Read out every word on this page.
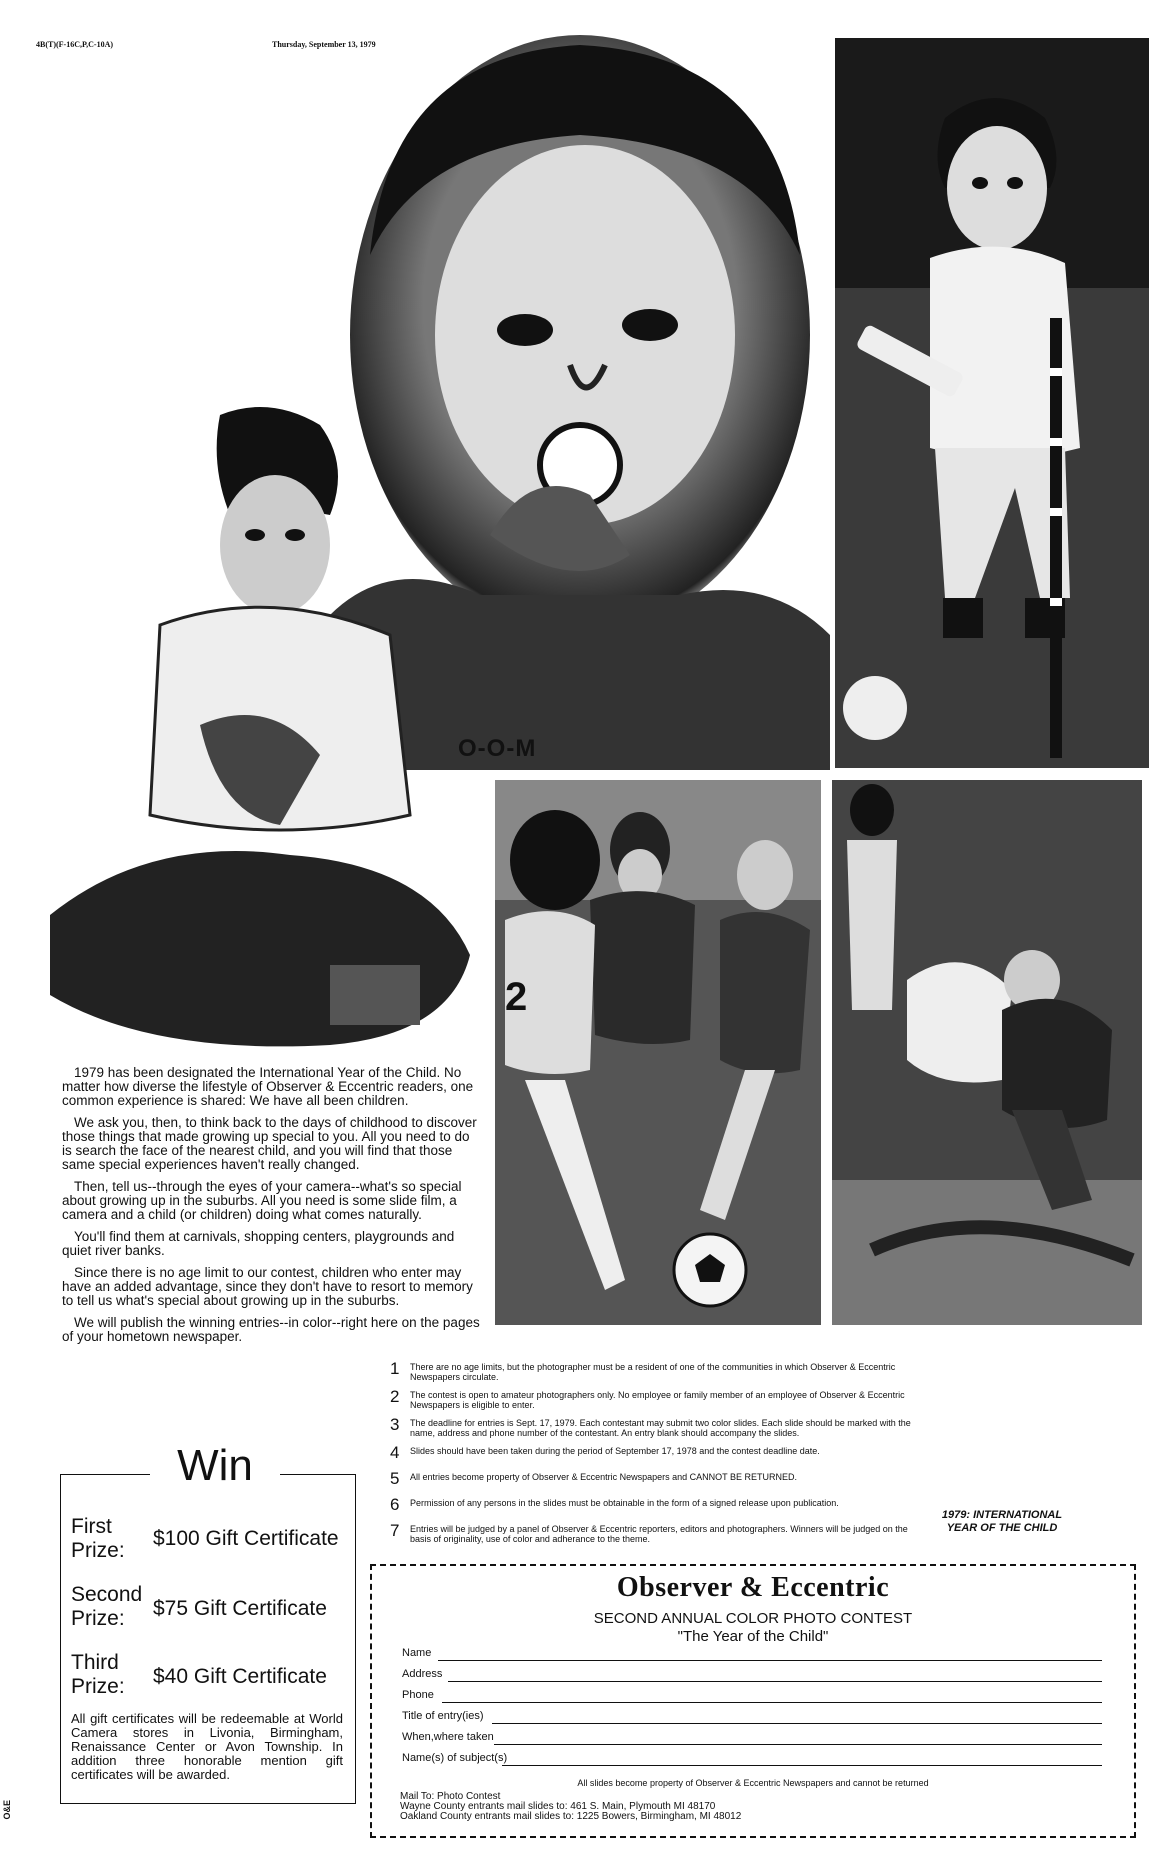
4B(T)(F-16C,P,C-10A)	Thursday, September 13, 1979
O-O-M
2

1979 has been designated the International Year of the Child. No matter how diverse the lifestyle of Observer & Eccentric readers, one common experience is shared: We have all been children.

We ask you, then, to think back to the days of childhood to discover those things that made growing up special to you. All you need to do is search the face of the nearest child, and you will find that those same special experiences haven't really changed.

Then, tell us--through the eyes of your camera--what's so special about growing up in the suburbs. All you need is some slide film, a camera and a child (or children) doing what comes naturally.

You'll find them at carnivals, shopping centers, playgrounds and quiet river banks.

Since there is no age limit to our contest, children who enter may have an added advantage, since they don't have to resort to memory to tell us what's special about growing up in the suburbs.

We will publish the winning entries--in color--right here on the pages of your hometown newspaper.

1 There are no age limits, but the photographer must be a resident of one of the communities in which Observer & Eccentric Newspapers circulate.
2 The contest is open to amateur photographers only. No employee or family member of an employee of Observer & Eccentric Newspapers is eligible to enter.
3 The deadline for entries is Sept. 17, 1979. Each contestant may submit two color slides. Each slide should be marked with the name, address and phone number of the contestant. An entry blank should accompany the slides.
4 Slides should have been taken during the period of September 17, 1978 and the contest deadline date.
5 All entries become property of Observer & Eccentric Newspapers and CANNOT BE RETURNED.
6 Permission of any persons in the slides must be obtainable in the form of a signed release upon publication.
7 Entries will be judged by a panel of Observer & Eccentric reporters, editors and photographers. Winners will be judged on the basis of originality, use of color and adherance to the theme.
1979: INTERNATIONAL YEAR OF THE CHILD
First
Prize:
$100 Gift Certificate
Second
Prize:	$75 Gift Certificate
Third
Prize: $40 Gift Certificate
All gift certificates will be redeemable at World Camera stores in Livonia, Birmingham, Renaissance Center or Avon Township. In addition three honorable mention gift certificates will be awarded.
Win
Observer & Eccentric
SECOND ANNUAL COLOR PHOTO CONTEST
"The Year of the Child"
Name
Address
Phone
Title of entry(ies)
When,where taken
Name(s) of subject(s)
All slides become property of Observer & Eccentric Newspapers and cannot be returned
Mail To: Photo Contest
Wayne County entrants mail slides to: 461 S. Main, Plymouth MI 48170
Oakland County entrants mail slides to: 1225 Bowers, Birmingham, MI 48012
O&E
